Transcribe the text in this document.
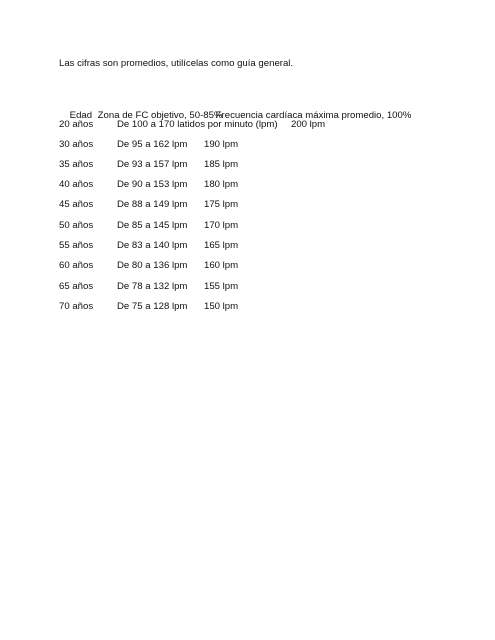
Las cifras son promedios, utilícelas como guía general.

Edad Zona de FC objetivo, 50-85%Frecuencia cardíaca máxima promedio, 100%

20 años De 100 a 170 latidos por minuto (lpm) 200 lpm
30 años De 95 a 162 lpm 190 lpm
35 años De 93 a 157 lpm 185 lpm
40 años De 90 a 153 lpm 180 lpm
45 años De 88 a 149 lpm 175 lpm
50 años De 85 a 145 lpm 170 lpm
55 años De 83 a 140 lpm 165 lpm
60 años De 80 a 136 lpm 160 lpm
65 años De 78 a 132 lpm 155 lpm
70 años De 75 a 128 lpm 150 lpm
